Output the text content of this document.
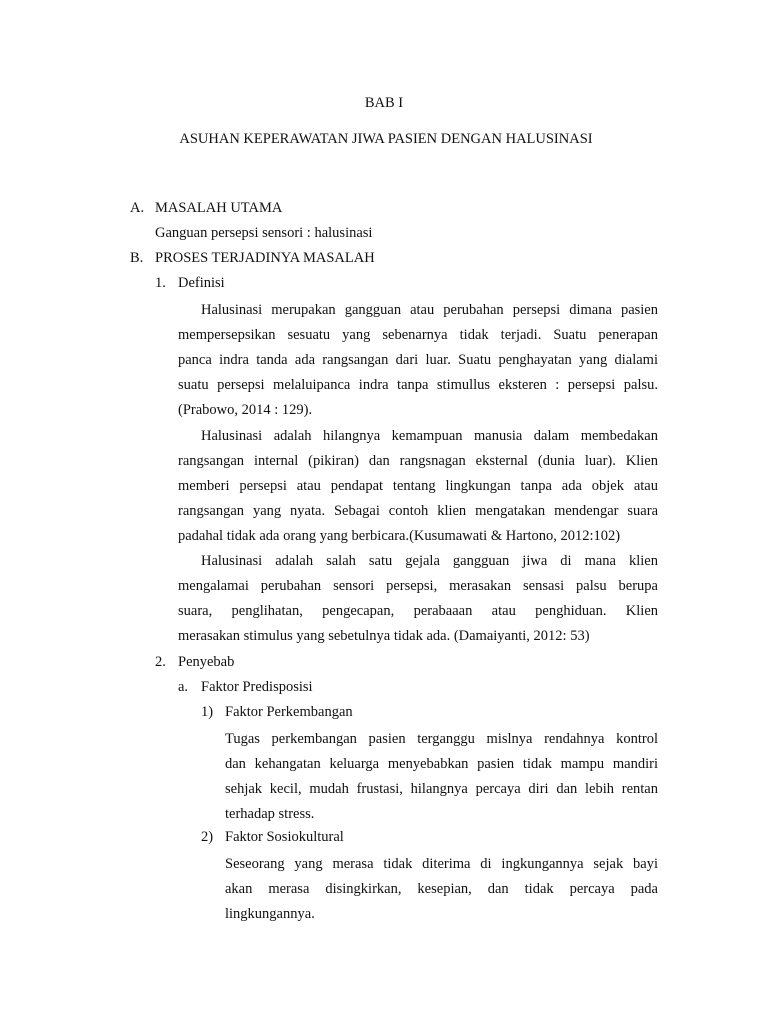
BAB I
ASUHAN KEPERAWATAN JIWA PASIEN DENGAN HALUSINASI
A. MASALAH UTAMA
Ganguan persepsi sensori : halusinasi
B. PROSES TERJADINYA MASALAH
1. Definisi
Halusinasi merupakan gangguan atau perubahan persepsi dimana pasien
mempersepsikan sesuatu yang sebenarnya tidak terjadi. Suatu penerapan
panca indra tanda ada rangsangan dari luar. Suatu penghayatan yang dialami
suatu persepsi melaluipanca indra tanpa stimullus eksteren : persepsi palsu.
(Prabowo, 2014 : 129).
Halusinasi adalah hilangnya kemampuan manusia dalam membedakan
rangsangan internal (pikiran) dan rangsnagan eksternal (dunia luar). Klien
memberi persepsi atau pendapat tentang lingkungan tanpa ada objek atau
rangsangan yang nyata. Sebagai contoh klien mengatakan mendengar suara
padahal tidak ada orang yang berbicara.(Kusumawati & Hartono, 2012:102)
Halusinasi adalah salah satu gejala gangguan jiwa di mana klien
mengalamai perubahan sensori persepsi, merasakan sensasi palsu berupa
suara, penglihatan, pengecapan, perabaaan atau penghiduan. Klien
merasakan stimulus yang sebetulnya tidak ada. (Damaiyanti, 2012: 53)
2. Penyebab
a. Faktor Predisposisi
1) Faktor Perkembangan
Tugas perkembangan pasien terganggu mislnya rendahnya kontrol
dan kehangatan keluarga menyebabkan pasien tidak mampu mandiri
sehjak kecil, mudah frustasi, hilangnya percaya diri dan lebih rentan
terhadap stress.
2) Faktor Sosiokultural
Seseorang yang merasa tidak diterima di ingkungannya sejak bayi
akan merasa disingkirkan, kesepian, dan tidak percaya pada
lingkungannya.
